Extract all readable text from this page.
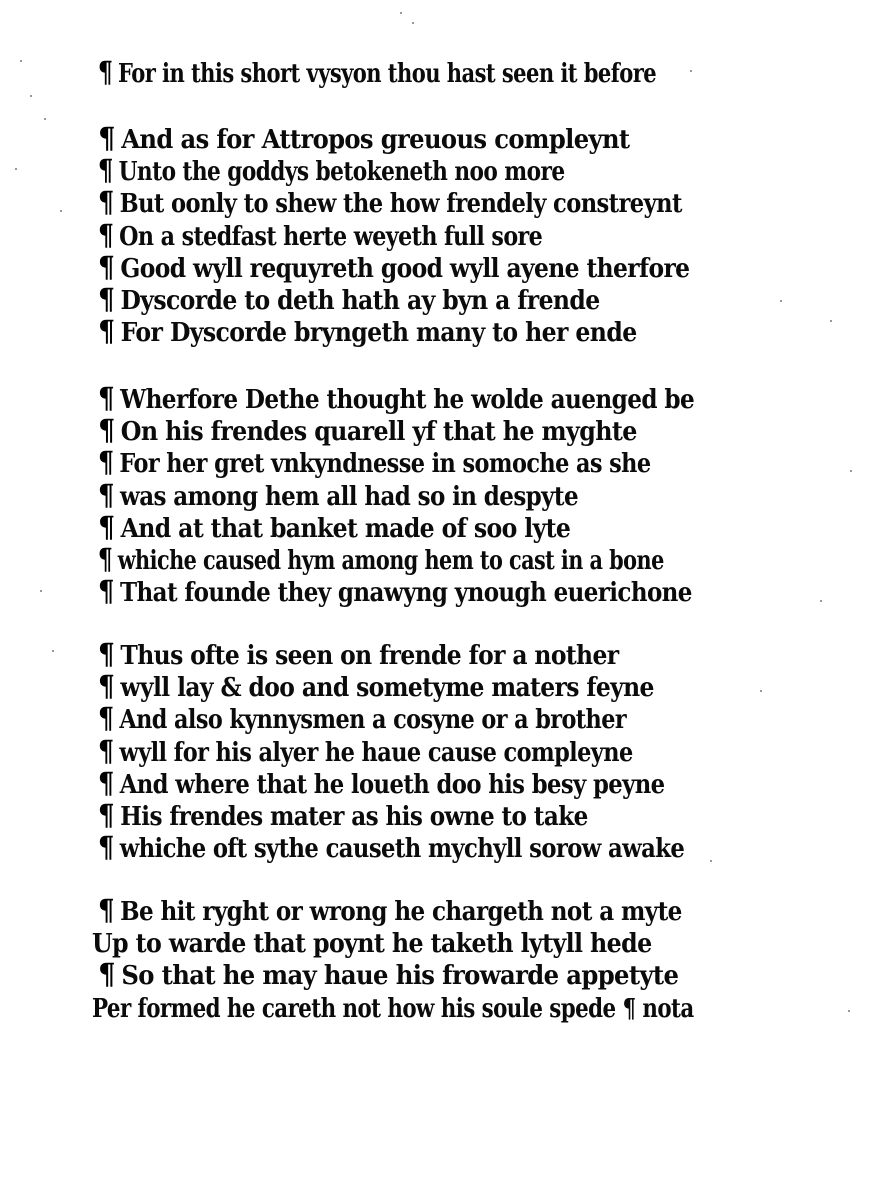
¶ For in this short vysyon thou hast seen it before
¶ And as for Attropos greuous compleynt
¶ Unto the goddys betokeneth noo more
¶ But oonly to shew the how frendely constreynt
¶ On a stedfast herte weyeth full sore
¶ Good wyll requyreth good wyll ayene therfore
¶ Dyscorde to deth hath ay byn a frende
¶ For Dyscorde bryngeth many to her ende
¶ Wherfore Dethe thought he wolde auenged be
¶ On his frendes quarell yf that he myghte
¶ For her gret vnkyndnesse in somoche as she
¶ was among hem all had so in despyte
¶ And at that banket made of soo lyte
¶ whiche caused hym among hem to cast in a bone
¶ That founde they gnawyng ynough euerichone
¶ Thus ofte is seen on frende for a nother
¶ wyll lay & doo and sometyme maters feyne
¶ And also kynnysmen a cosyne or a brother
¶ wyll for his alyer he haue cause compleyne
¶ And where that he loueth doo his besy peyne
¶ His frendes mater as his owne to take
¶ whiche oft sythe causeth mychyll sorow awake
¶ Be hit ryght or wrong he chargeth not a myte
Up to warde that poynt he taketh lytyll hede
¶ So that he may haue his frowarde appetyte
Per formed he careth not how his soule spede ¶ nota
